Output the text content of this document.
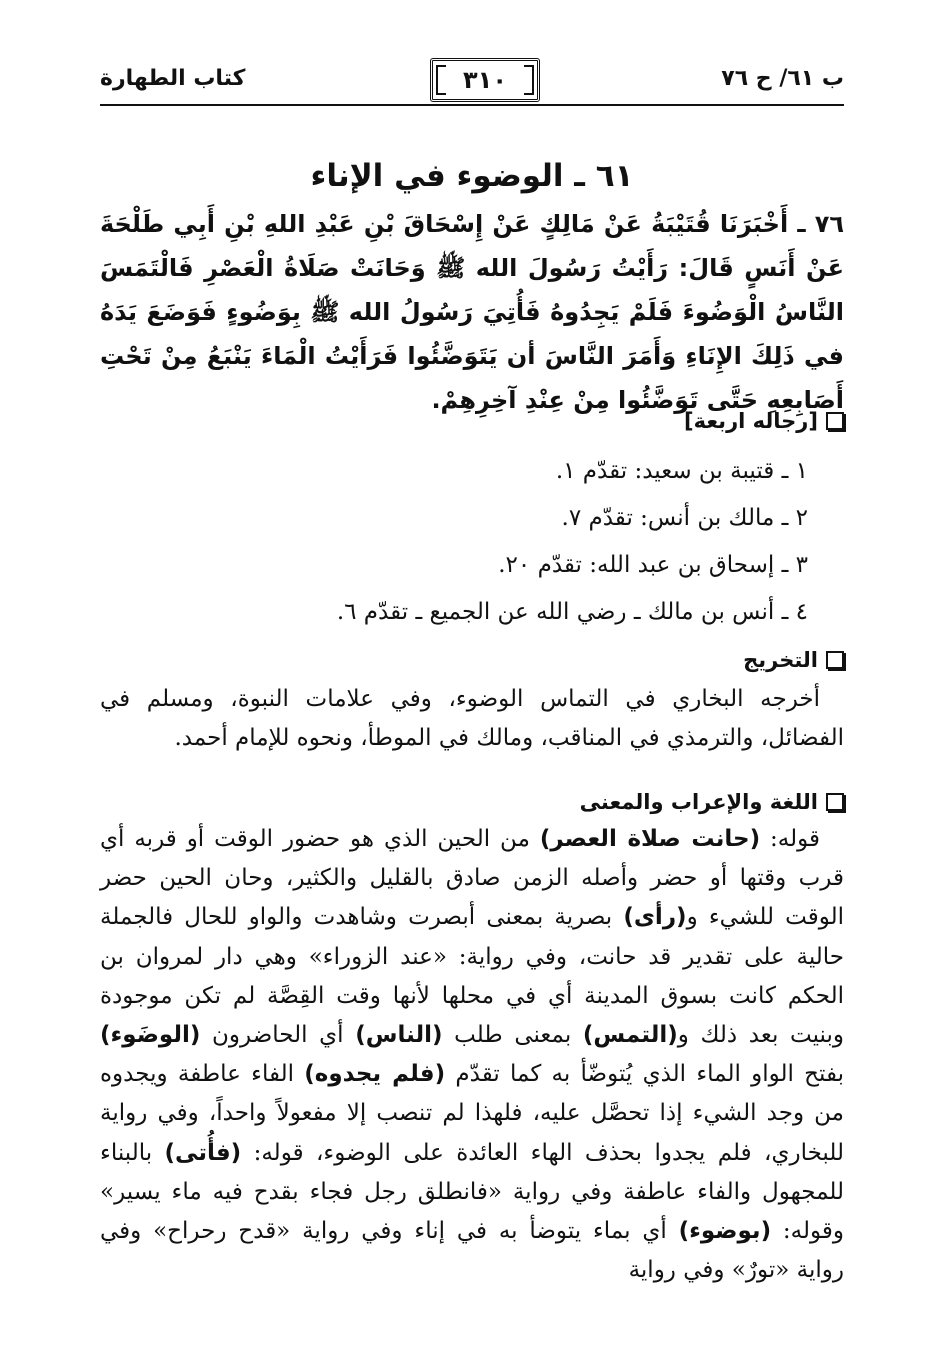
كتاب الطهارة	٣١٠	ب ٦١/ ح ٧٦
٦١ ـ الوضوء في الإناء
٧٦ ـ أَخْبَرَنَا قُتَيْبَةُ عَنْ مَالِكٍ عَنْ إِسْحَاقَ بْنِ عَبْدِ اللهِ بْنِ أَبِي طَلْحَةَ عَنْ أَنَسٍ قَالَ: رَأَيْتُ رَسُولَ الله ﷺ وَحَانَتْ صَلَاةُ الْعَصْرِ فَالْتَمَسَ النَّاسُ الْوَضُوءَ فَلَمْ يَجِدُوهُ فَأُتِيَ رَسُولُ الله ﷺ بِوَضُوءٍ فَوَضَعَ يَدَهُ في ذَلِكَ الإِنَاءِ وَأَمَرَ النَّاسَ أن يَتَوَضَّئُوا فَرَأَيْتُ الْمَاءَ يَنْبَعُ مِنْ تَحْتِ أَصَابِعِهِ حَتَّى تَوَضَّئُوا مِنْ عِنْدِ آخِرِهِمْ.
[رجاله اربعة]
١ ـ قتيبة بن سعيد: تقدّم ١.
٢ ـ مالك بن أنس: تقدّم ٧.
٣ ـ إسحاق بن عبد الله: تقدّم ٢٠.
٤ ـ أنس بن مالك ـ رضي الله عن الجميع ـ تقدّم ٦.
التخريج
أخرجه البخاري في التماس الوضوء، وفي علامات النبوة، ومسلم في الفضائل، والترمذي في المناقب، ومالك في الموطأ، ونحوه للإمام أحمد.
اللغة والإعراب والمعنى
قوله: (حانت صلاة العصر) من الحين الذي هو حضور الوقت أو قربه أي قرب وقتها أو حضر وأصله الزمن صادق بالقليل والكثير، وحان الحين حضر الوقت للشيء و(رأى) بصرية بمعنى أبصرت وشاهدت والواو للحال فالجملة حالية على تقدير قد حانت، وفي رواية: «عند الزوراء» وهي دار لمروان بن الحكم كانت بسوق المدينة أي في محلها لأنها وقت القِصَّة لم تكن موجودة وبنيت بعد ذلك و(التمس) بمعنى طلب (الناس) أي الحاضرون (الوضَوء) بفتح الواو الماء الذي يُتوضّأ به كما تقدّم (فلم يجدوه) الفاء عاطفة ويجدوه من وجد الشيء إذا تحصَّل عليه، فلهذا لم تنصب إلا مفعولاً واحداً، وفي رواية للبخاري، فلم يجدوا بحذف الهاء العائدة على الوضوء، قوله: (فأُتى) بالبناء للمجهول والفاء عاطفة وفي رواية «فانطلق رجل فجاء بقدح فيه ماء يسير» وقوله: (بوضوء) أي بماء يتوضأ به في إناء وفي رواية «قدح رحراح» وفي رواية «تورٌ» وفي رواية
